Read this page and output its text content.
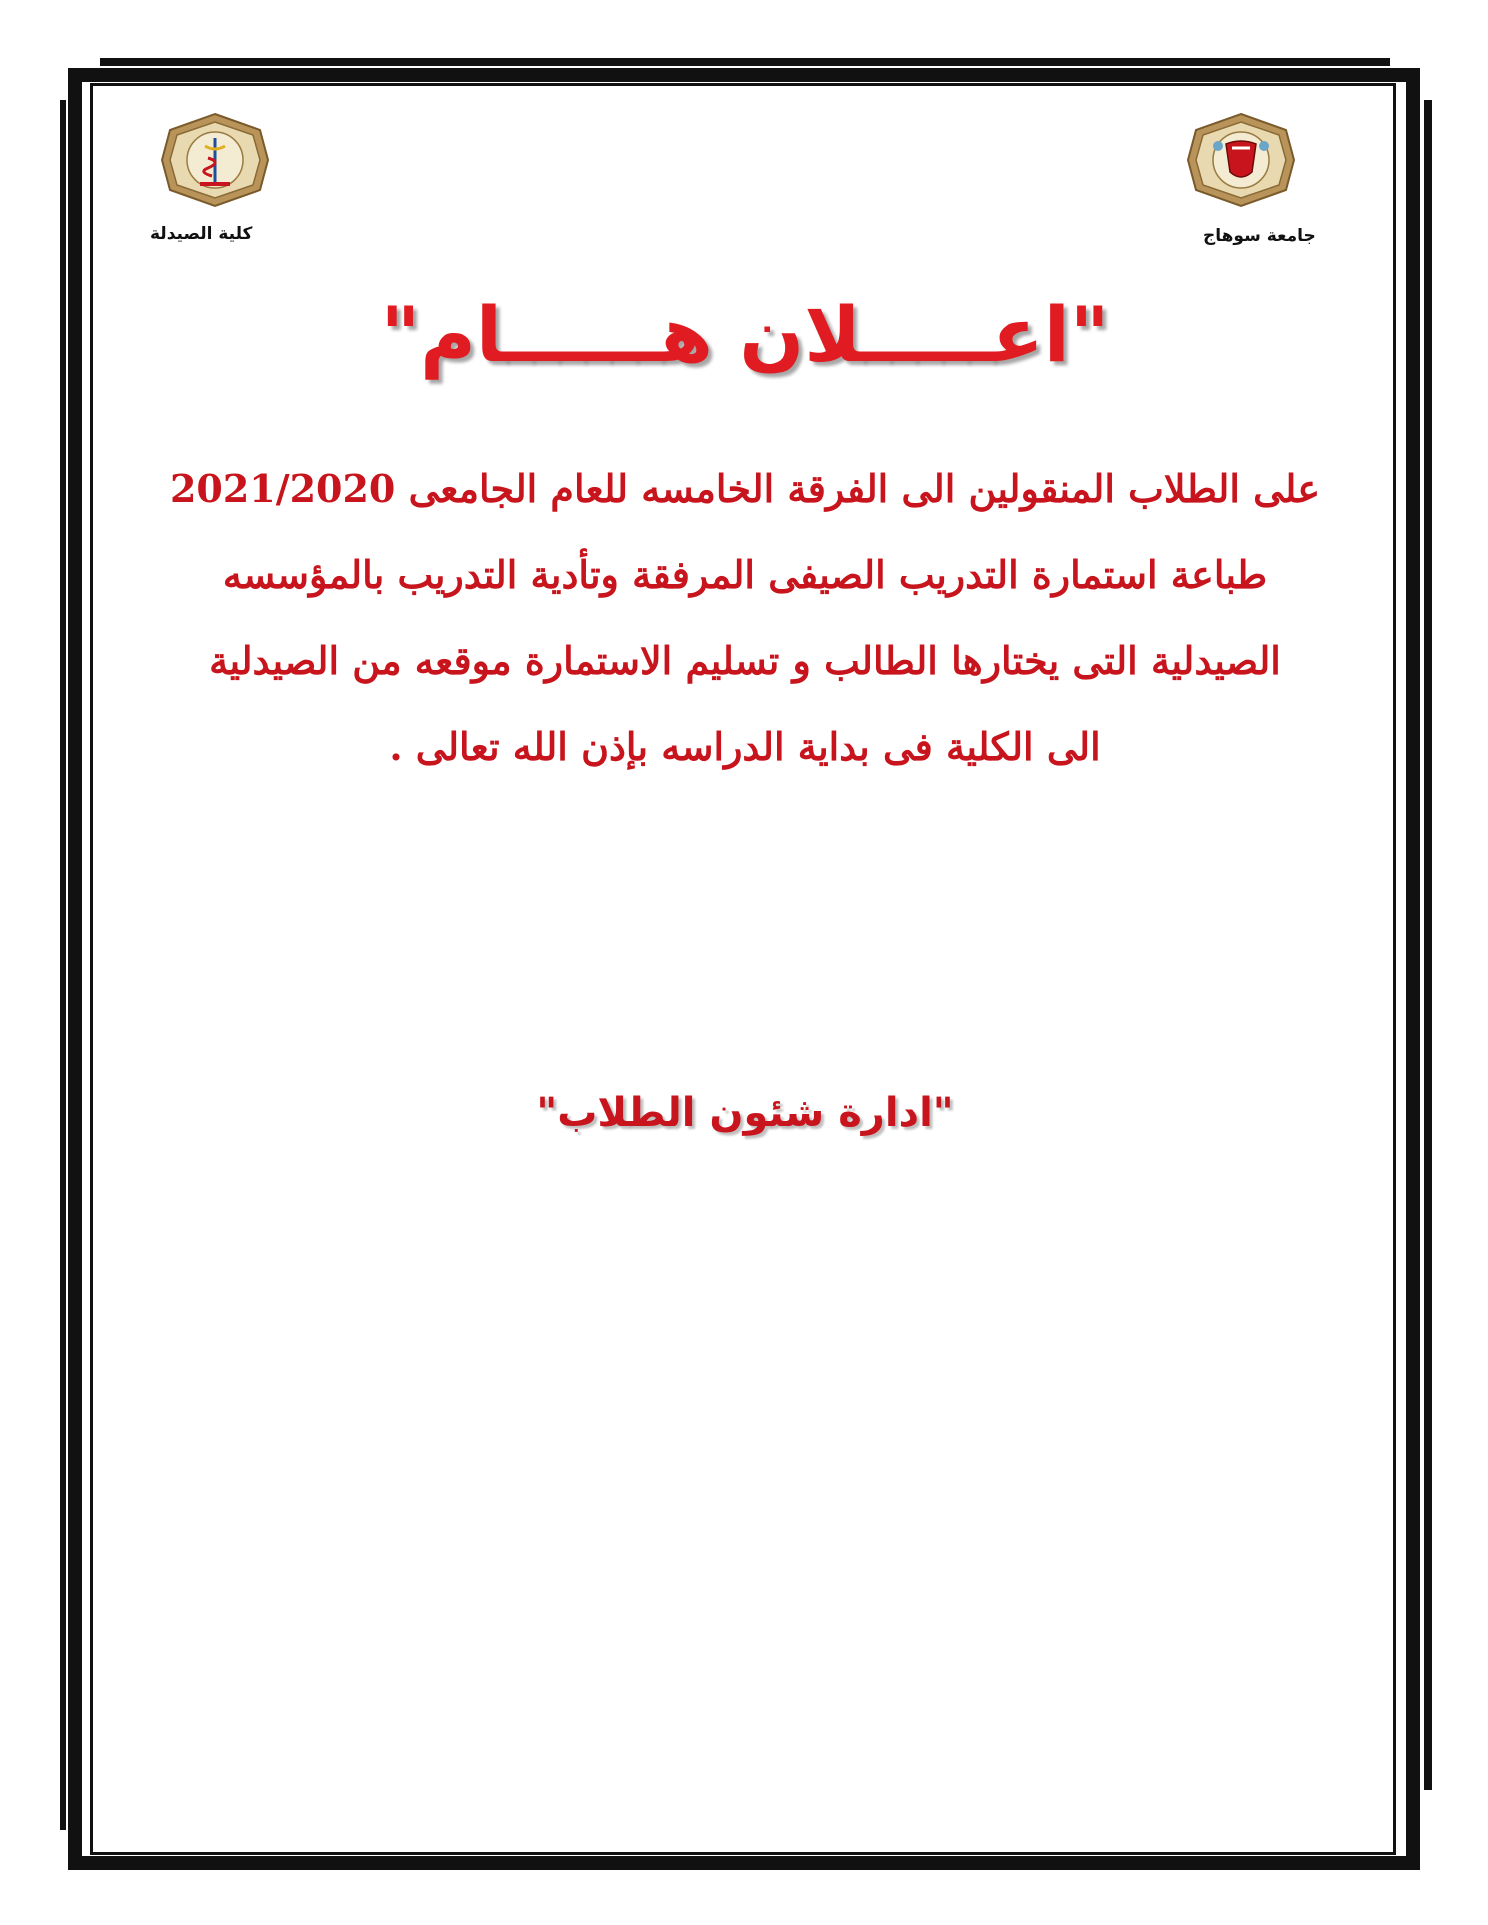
كلية الصيدلة	جامعة سوهاج
"اعـــــلان هــــــام"
على الطلاب المنقولين الى الفرقة الخامسه للعام الجامعى 2021/2020
طباعة استمارة التدريب الصيفى المرفقة وتأدية التدريب بالمؤسسه
الصيدلية التى يختارها الطالب و تسليم الاستمارة موقعه من الصيدلية
الى الكلية فى بداية الدراسه بإذن الله تعالى .
"ادارة شئون الطلاب"
